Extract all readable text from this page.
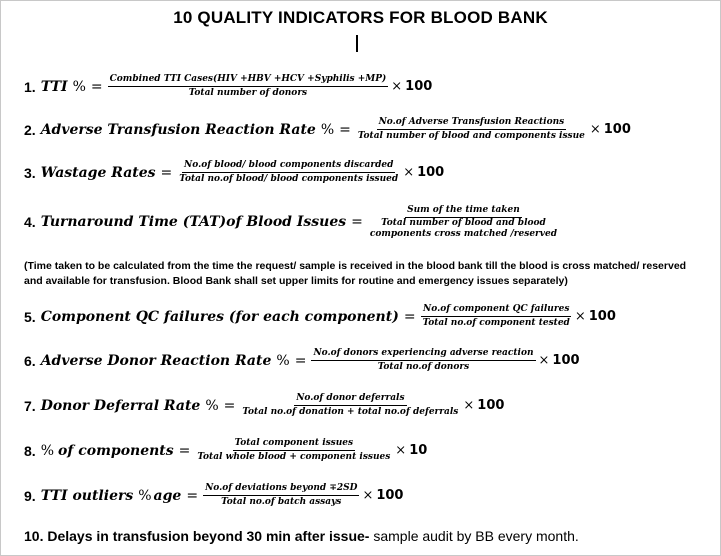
10 QUALITY INDICATORS FOR BLOOD BANK
1. TTI % = $\frac{\text{Combined TTI Cases(HIV +HBV +HCV +Syphilis +MP)}}{\text{Total number of donors}} \times 100$
2. Adverse Transfusion Reaction Rate % = $\frac{\text{No.of Adverse Transfusion Reactions}}{\text{Total number of blood and components issue}} \times 100$
3. Wastage Rates = $\frac{\text{No.of blood/ blood components discarded}}{\text{Total no.of blood/ blood components issued}} \times 100$
4. Turnaround Time (TAT)of Blood Issues =
Sum of the time taken
Total number of blood and blood
components cross matched /reserved
(Time taken to be calculated from the time the request/ sample is received in the blood bank till the blood is cross matched/ reserved and available for transfusion. Blood Bank shall set upper limits for routine and emergency issues separately)
5. Component QC failures (for each component) = $\frac{\text{No.of component QC failures}}{\text{Total no.of component tested}} \times 100$
6. Adverse Donor Reaction Rate % = $\frac{\text{No.of donors experiencing adverse reaction}}{\text{Total no.of donors}} \times 100$
7. Donor Deferral Rate % = $\frac{\text{No.of donor deferrals}}{\text{Total no.of donation + total no.of deferrals}} \times 100$
8. % of components = $\frac{\text{Total component issues}}{\text{Total whole blood + component issues}} \times 10$
9. TTI outliers % age = $\frac{\text{No.of deviations beyond ∓2SD}}{\text{Total no.of batch assays}} \times 100$
10. Delays in transfusion beyond 30 min after issue- sample audit by BB every month.
